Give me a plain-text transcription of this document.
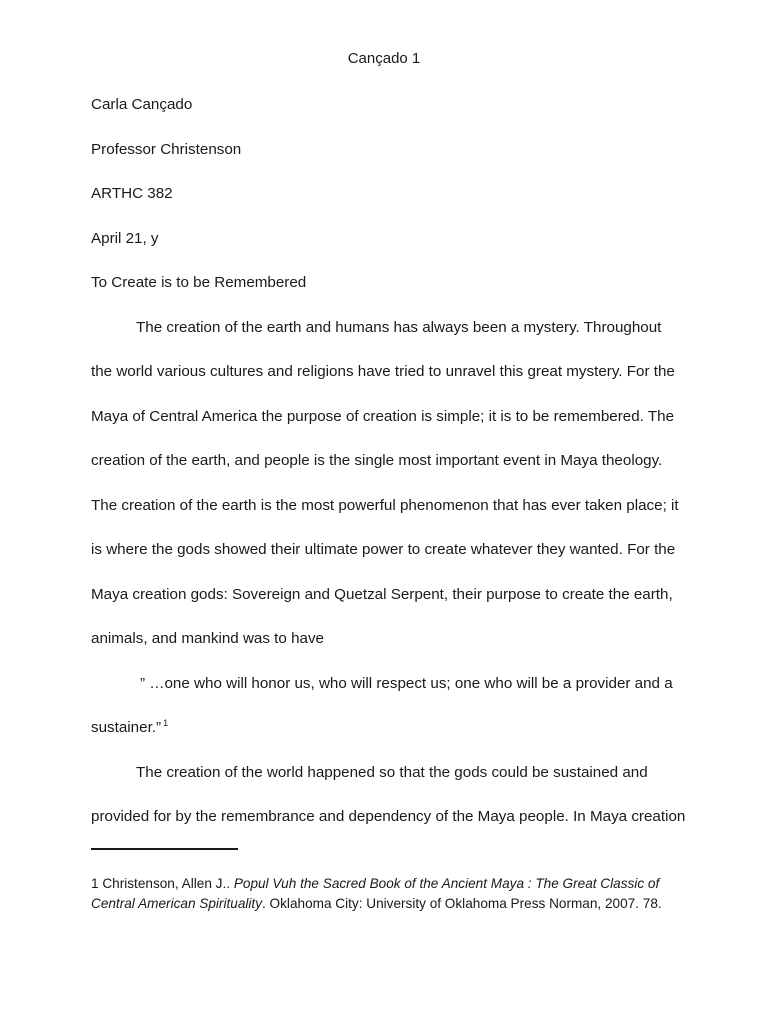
Cançado 1
Carla Cançado
Professor Christenson
ARTHC 382
April 21, y
To Create is to be Remembered
The creation of the earth and humans has always been a mystery. Throughout
the world various cultures and religions have tried to unravel this great mystery. For the
Maya of Central America the purpose of creation is simple; it is to be remembered. The
creation of the earth, and people is the single most important event in Maya theology.
The creation of the earth is the most powerful phenomenon that has ever taken place; it
is where the gods showed their ultimate power to create whatever they wanted. For the
Maya creation gods: Sovereign and Quetzal Serpent, their purpose to create the earth,
animals, and mankind was to have
” …one who will honor us, who will respect us; one who will be a provider and a
sustainer.” $^1$
The creation of the world happened so that the gods could be sustained and
provided for by the remembrance and dependency of the Maya people. In Maya creation
1 Christenson, Allen J.. Popul Vuh the Sacred Book of the Ancient Maya : The Great Classic of
Central American Spirituality. Oklahoma City: University of Oklahoma Press Norman, 2007. 78.
